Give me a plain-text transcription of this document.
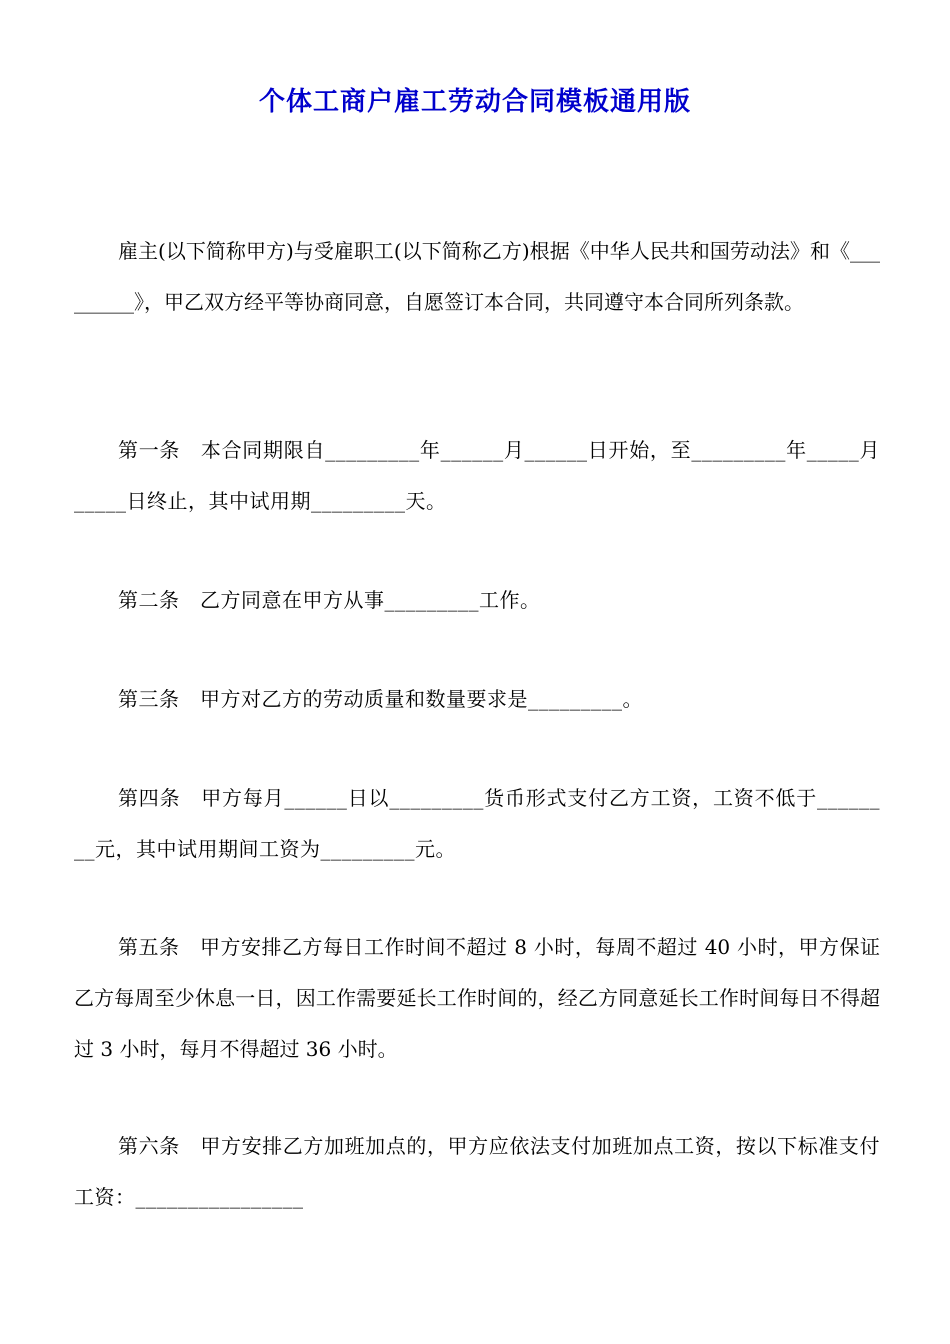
个体工商户雇工劳动合同模板通用版

雇主(以下简称甲方)与受雇职工(以下简称乙方)根据《中华人民共和国劳动法》和《_________》，甲乙双方经平等协商同意，自愿签订本合同，共同遵守本合同所列条款。

第一条　本合同期限自_________年______月______日开始，至_________年_____月_____日终止，其中试用期_________天。

第二条　乙方同意在甲方从事_________工作。

第三条　甲方对乙方的劳动质量和数量要求是_________。

第四条　甲方每月______日以_________货币形式支付乙方工资，工资不低于________元，其中试用期间工资为_________元。

第五条　甲方安排乙方每日工作时间不超过 8 小时，每周不超过 40 小时，甲方保证乙方每周至少休息一日，因工作需要延长工作时间的，经乙方同意延长工作时间每日不得超过 3 小时，每月不得超过 36 小时。

第六条　甲方安排乙方加班加点的，甲方应依法支付加班加点工资，按以下标准支付工资：________________
